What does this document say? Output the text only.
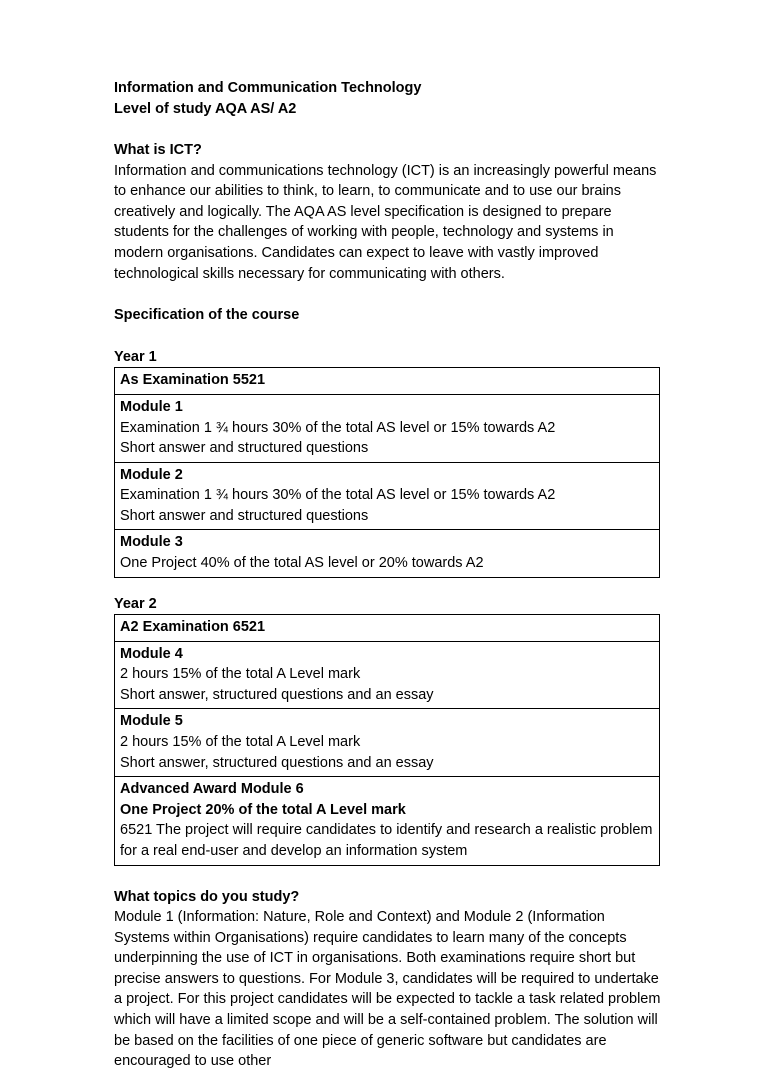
Information and Communication Technology
Level of study AQA AS/ A2
What is ICT?
Information and communications technology (ICT) is an increasingly powerful means to enhance our abilities to think, to learn, to communicate and to use our brains creatively and logically. The AQA AS level specification is designed to prepare students for the challenges of working with people, technology and systems in modern organisations. Candidates can expect to leave with vastly improved technological skills necessary for communicating with others.
Specification of the course
Year 1
As Examination 5521

Module 1
Examination 1 ¾ hours 30% of the total AS level or 15% towards A2
Short answer and structured questions

Module 2
Examination 1 ¾ hours 30% of the total AS level or 15% towards A2
Short answer and structured questions

Module 3
One Project 40% of the total AS level or 20% towards A2
Year 2
A2 Examination 6521

Module 4
2 hours 15% of the total A Level mark
Short answer, structured questions and an essay

Module 5
2 hours 15% of the total A Level mark
Short answer, structured questions and an essay

Advanced Award Module 6
One Project 20% of the total A Level mark
6521 The project will require candidates to identify and research a realistic problem for a real end-user and develop an information system
What topics do you study?
Module 1 (Information: Nature, Role and Context) and Module 2 (Information Systems within Organisations) require candidates to learn many of the concepts underpinning the use of ICT in organisations. Both examinations require short but precise answers to questions. For Module 3, candidates will be required to undertake a project. For this project candidates will be expected to tackle a task related problem which will have a limited scope and will be a self-contained problem. The solution will be based on the facilities of one piece of generic software but candidates are encouraged to use other
